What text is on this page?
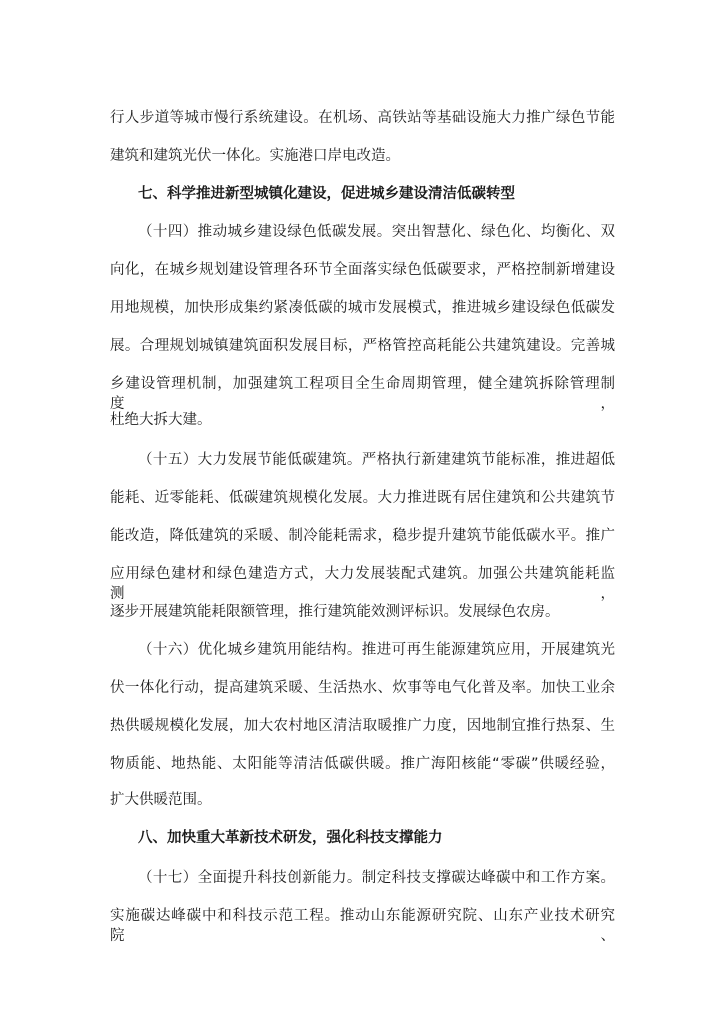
行人步道等城市慢行系统建设。在机场、高铁站等基础设施大力推广绿色节能
建筑和建筑光伏一体化。实施港口岸电改造。
七、科学推进新型城镇化建设，促进城乡建设清洁低碳转型
（十四）推动城乡建设绿色低碳发展。突出智慧化、绿色化、均衡化、双
向化，在城乡规划建设管理各环节全面落实绿色低碳要求，严格控制新增建设
用地规模，加快形成集约紧凑低碳的城市发展模式，推进城乡建设绿色低碳发
展。合理规划城镇建筑面积发展目标，严格管控高耗能公共建筑建设。完善城
乡建设管理机制，加强建筑工程项目全生命周期管理，健全建筑拆除管理制度，
杜绝大拆大建。
（十五）大力发展节能低碳建筑。严格执行新建建筑节能标准，推进超低
能耗、近零能耗、低碳建筑规模化发展。大力推进既有居住建筑和公共建筑节
能改造，降低建筑的采暖、制冷能耗需求，稳步提升建筑节能低碳水平。推广
应用绿色建材和绿色建造方式，大力发展装配式建筑。加强公共建筑能耗监测，
逐步开展建筑能耗限额管理，推行建筑能效测评标识。发展绿色农房。
（十六）优化城乡建筑用能结构。推进可再生能源建筑应用，开展建筑光
伏一体化行动，提高建筑采暖、生活热水、炊事等电气化普及率。加快工业余
热供暖规模化发展，加大农村地区清洁取暖推广力度，因地制宜推行热泵、生
物质能、地热能、太阳能等清洁低碳供暖。推广海阳核能“零碳”供暖经验，
扩大供暖范围。
八、加快重大革新技术研发，强化科技支撑能力
（十七）全面提升科技创新能力。制定科技支撑碳达峰碳中和工作方案。
实施碳达峰碳中和科技示范工程。推动山东能源研究院、山东产业技术研究院、
